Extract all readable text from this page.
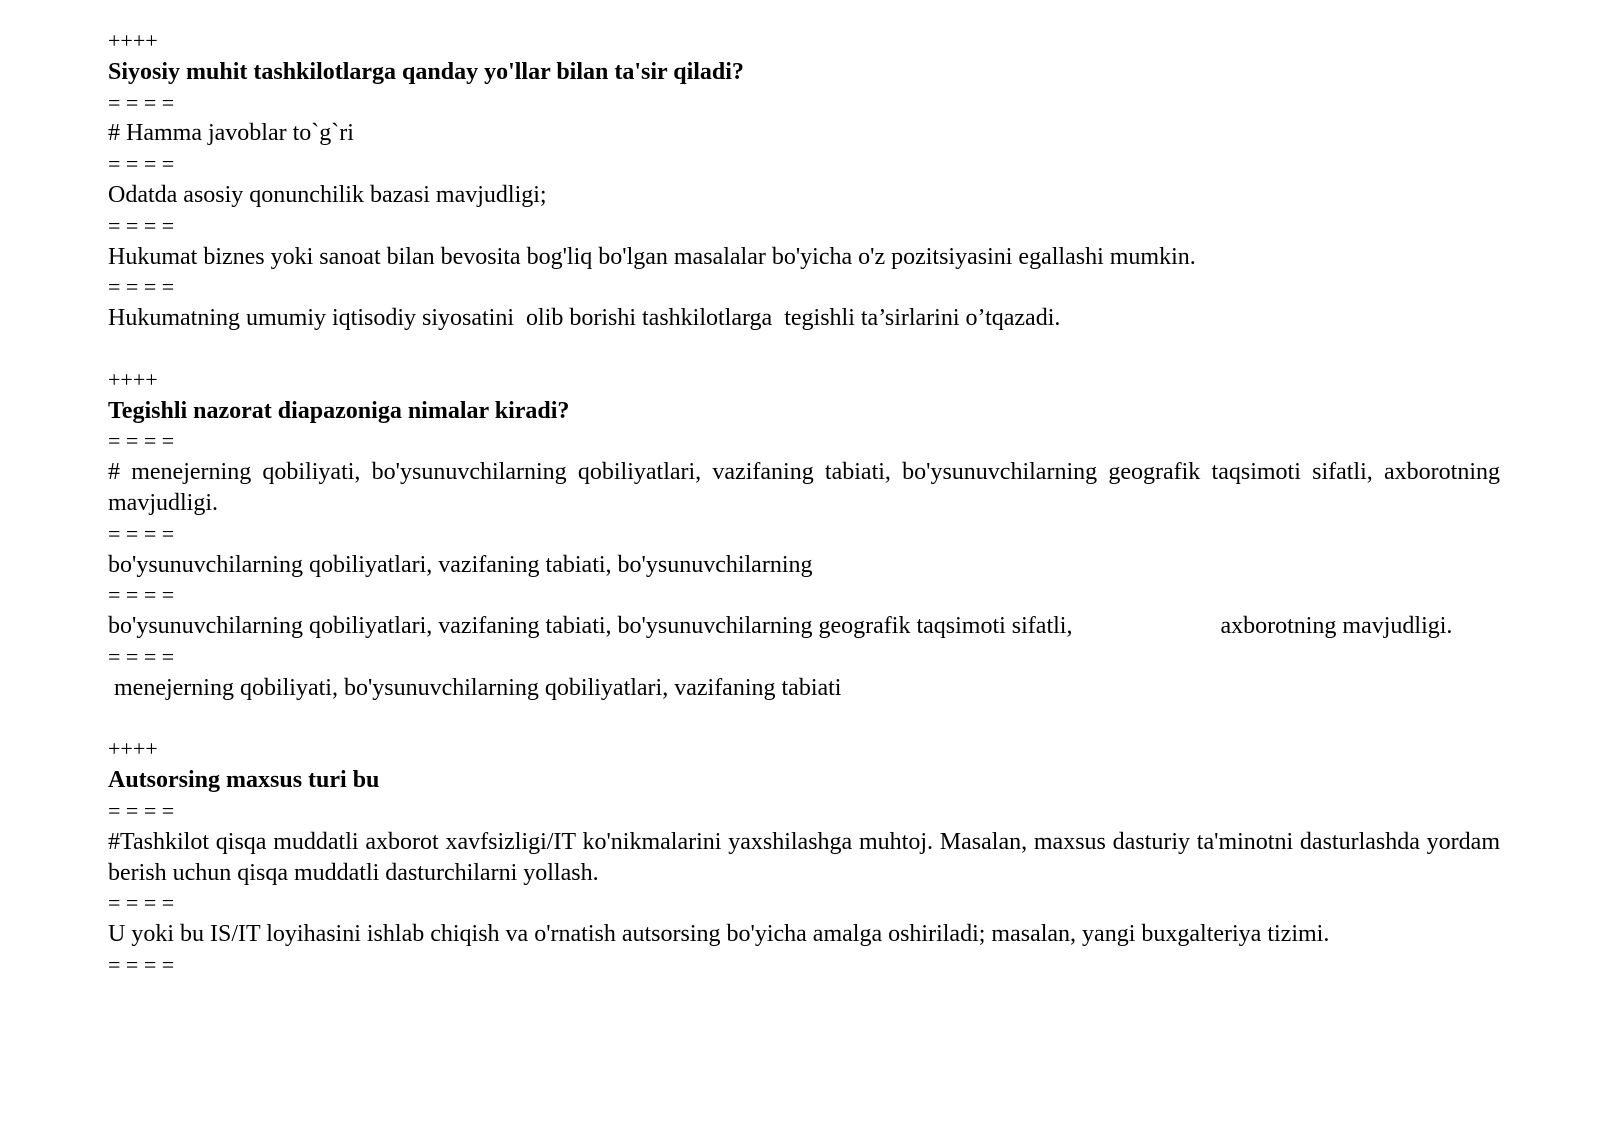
++++
Siyosiy muhit tashkilotlarga qanday yo'llar bilan ta'sir qiladi?
= = = =
# Hamma javoblar to`g`ri
= = = =
Odatda asosiy qonunchilik bazasi mavjudligi;
= = = =
Hukumat biznes yoki sanoat bilan bevosita bog'liq bo'lgan masalalar bo'yicha o'z pozitsiyasini egallashi mumkin.
= = = =
Hukumatning umumiy iqtisodiy siyosatini  olib borishi tashkilotlarga  tegishli ta’sirlarini o’tqazadi.
++++
Tegishli nazorat diapazoniga nimalar kiradi?
= = = =
# menejerning qobiliyati, bo'ysunuvchilarning qobiliyatlari, vazifaning tabiati, bo'ysunuvchilarning geografik taqsimoti sifatli, axborotning mavjudligi.
= = = =
bo'ysunuvchilarning qobiliyatlari, vazifaning tabiati, bo'ysunuvchilarning
= = = =
bo'ysunuvchilarning qobiliyatlari, vazifaning tabiati, bo'ysunuvchilarning geografik taqsimoti sifatli,	axborotning mavjudligi.
= = = =
menejerning qobiliyati, bo'ysunuvchilarning qobiliyatlari, vazifaning tabiati
++++
Autsorsing maxsus turi bu
= = = =
#Tashkilot qisqa muddatli axborot xavfsizligi/IT ko'nikmalarini yaxshilashga muhtoj. Masalan, maxsus dasturiy ta'minotni dasturlashda yordam berish uchun qisqa muddatli dasturchilarni yollash.
= = = =
U yoki bu IS/IT loyihasini ishlab chiqish va o'rnatish autsorsing bo'yicha amalga oshiriladi; masalan, yangi buxgalteriya tizimi.
= = = =
